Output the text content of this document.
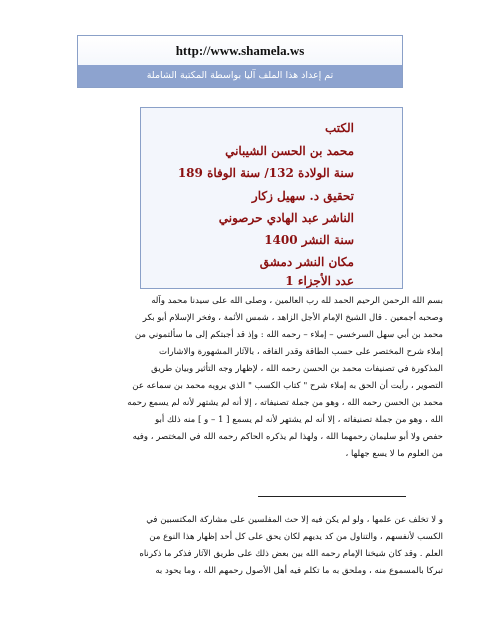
http://www.shamela.ws
تم إعداد هذا الملف آليا بواسطة المكتبة الشاملة
الكتب
محمد بن الحسن الشيباني
سنة الولادة 132/ سنة الوفاة 189
تحقيق د. سهيل زكار
الناشر عبد الهادي حرصوني
سنة النشر 1400
مكان النشر دمشق
عدد الأجزاء 1

بسم الله الرحمن الرحيم الحمد لله رب العالمين ، وصلى الله على سيدنا محمد وآله

وصحبه أجمعين . قال الشيخ الإمام الأجل الزاهد ، شمس الأئمة ، وفخر الإسلام أبو بكر

محمد بن أبي سهل السرخسي – إملاء – رحمه الله : وإذ قد أجبتكم إلى ما سألتموني من

إملاء شرح المختصر على حسب الطاقة وقدر الفاقه ، بالآثار المشهورة والاشارات

المذكورة في تصنيفات محمد بن الحسن رحمه الله ، لإظهار وجه التأثير وبيان طريق

التصوير ، رأيت أن الحق به إملاء شرح " كتاب الكسب " الذي يرويه محمد بن سماعه عن

محمد بن الحسن رحمه الله ، وهو من جملة تصنيفاته ، إلا أنه لم يشتهر لأنه لم يسمع رحمه

الله ، وهو من جملة تصنيفاته ، إلا أنه لم يشتهر لأنه لم يسمع [ 1 – و ] منه ذلك أبو

حفص ولا أبو سليمان رحمهما الله ، ولهذا لم يذكره الحاكم رحمه الله في المختصر ، وفيه

من العلوم ما لا يسع جهلها ،

و لا تخلف عن علمها ، ولو لم يكن فيه إلا حث المفلسين على مشاركة المكتسبين في

الكسب لأنفسهم ، والتناول من كد يديهم لكان يحق على كل أحد إظهار هذا النوع من

العلم . وقد كان شيخنا الإمام رحمه الله بين بعض ذلك على طريق الآثار فذكر ما ذكرناه

تبركا بالمسموع منه ، وملحق به ما تكلم فيه أهل الأصول رحمهم الله ، وما يحود به
